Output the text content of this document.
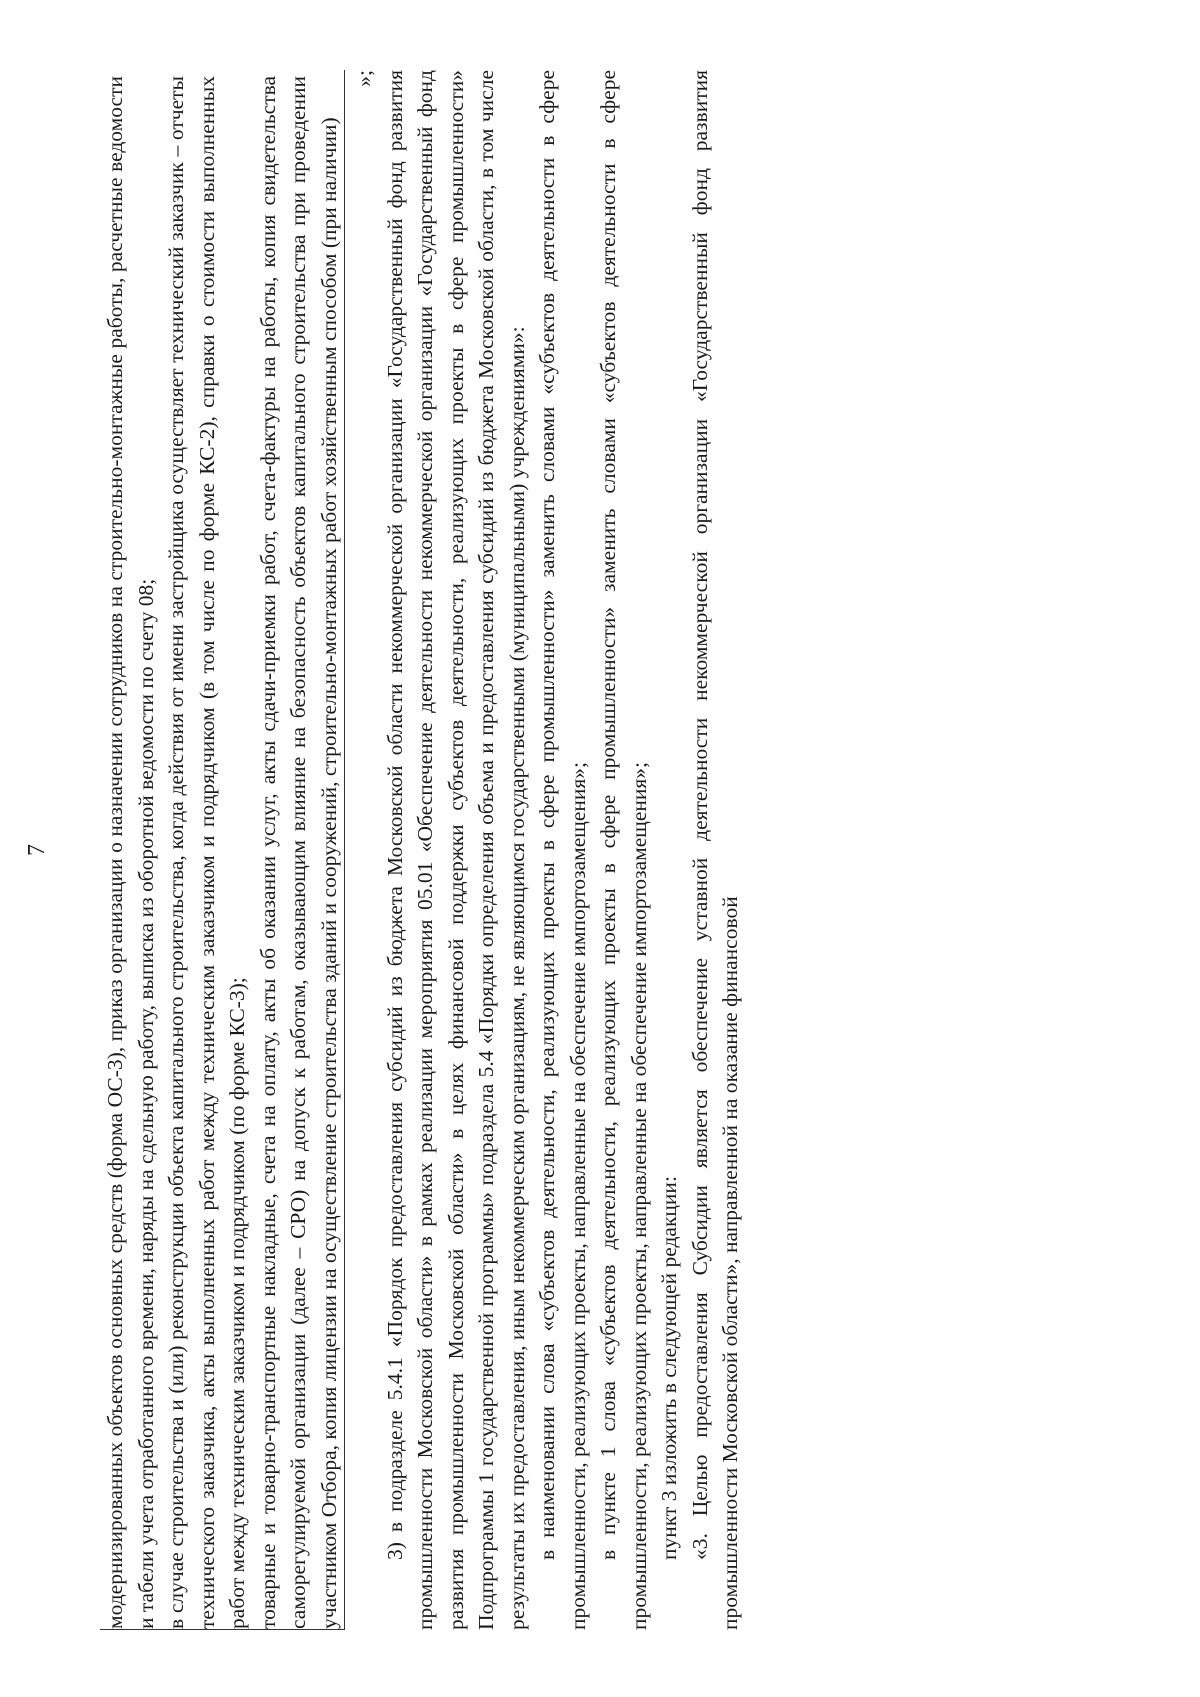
7 модернизированных объектов основных средств (форма ОС-3), приказ организации о назначении сотрудников на строительно-монтажные работы, расчетные ведомости и табели учета отработанного времени, наряды на сдельную работу, выписка из оборотной ведомости по счету 08; в случае строительства и (или) реконструкции объекта капитального строительства, когда действия от имени застройщика осуществляет технический заказчик – отчеты технического заказчика, акты выполненных работ между техническим заказчиком и подрядчиком (в том числе по форме КС-2), справки о стоимости выполненных работ между техническим заказчиком и подрядчиком (по форме КС-3); товарные и товарно-транспортные накладные, счета на оплату, акты об оказании услуг, акты сдачи-приемки работ, счета-фактуры на работы, копия свидетельства саморегулируемой организации (далее – СРО) на допуск к работам, оказывающим влияние на безопасность объектов капитального строительства при проведении участником Отбора, копия лицензии на осуществление строительства зданий и сооружений, строительно-монтажных работ хозяйственным способом (при наличии)
»; 3) в подразделе 5.4.1 «Порядок предоставления субсидий из бюджета Московской области некоммерческой организации «Государственный фонд развития промышленности Московской области» в рамках реализации мероприятия 05.01 «Обеспечение деятельности некоммерческой организации «Государственный фонд развития промышленности Московской области» в целях финансовой поддержки субъектов деятельности, реализующих проекты в сфере промышленности» Подпрограммы 1 государственной программы» подраздела 5.4 «Порядки определения объема и предоставления субсидий из бюджета Московской области, в том числе результаты их предоставления, иным некоммерческим организациям, не являющимся государственными (муниципальными) учреждениями»: в наименовании слова «субъектов деятельности, реализующих проекты в сфере промышленности» заменить словами «субъектов деятельности в сфере промышленности, реализующих проекты, направленные на обеспечение импортозамещения»; в пункте 1 слова «субъектов деятельности, реализующих проекты в сфере промышленности» заменить словами «субъектов деятельности в сфере промышленности, реализующих проекты, направленные на обеспечение импортозамещения»; пункт 3 изложить в следующей редакции: «3. Целью предоставления Субсидии является обеспечение уставной деятельности некоммерческой организации «Государственный фонд развития промышленности Московской области», направленной на оказание финансовой
